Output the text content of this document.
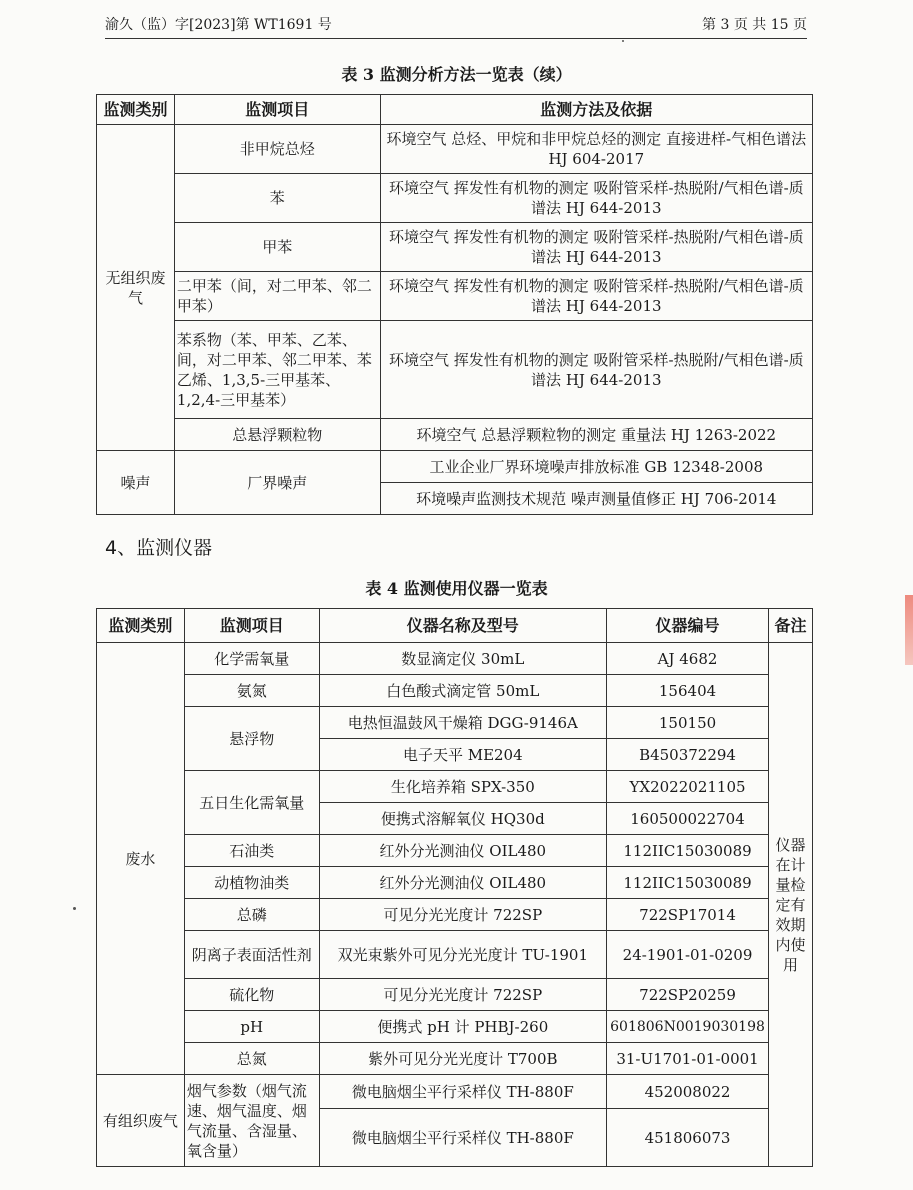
渝久（监）字[2023]第 WT1691 号	第 3 页 共 15 页
表 3 监测分析方法一览表（续）
监测类别	监测项目	监测方法及依据
无组织废气	非甲烷总烃	环境空气 总烃、甲烷和非甲烷总烃的测定 直接进样-气相色谱法 HJ 604-2017
	苯	环境空气 挥发性有机物的测定 吸附管采样-热脱附/气相色谱-质谱法 HJ 644-2013
	甲苯	环境空气 挥发性有机物的测定 吸附管采样-热脱附/气相色谱-质谱法 HJ 644-2013
	二甲苯（间，对二甲苯、邻二甲苯）	环境空气 挥发性有机物的测定 吸附管采样-热脱附/气相色谱-质谱法 HJ 644-2013
	苯系物（苯、甲苯、乙苯、间，对二甲苯、邻二甲苯、苯乙烯、1,3,5-三甲基苯、1,2,4-三甲基苯）	环境空气 挥发性有机物的测定 吸附管采样-热脱附/气相色谱-质谱法 HJ 644-2013
	总悬浮颗粒物	环境空气 总悬浮颗粒物的测定 重量法 HJ 1263-2022
噪声	厂界噪声	工业企业厂界环境噪声排放标准 GB 12348-2008
		环境噪声监测技术规范 噪声测量值修正 HJ 706-2014
4、监测仪器
表 4 监测使用仪器一览表
监测类别	监测项目	仪器名称及型号	仪器编号	备注
废水	化学需氧量	数显滴定仪 30mL	AJ 4682	仪器在计量检定有效期内使用
	氨氮	白色酸式滴定管 50mL	156404	
	悬浮物	电热恒温鼓风干燥箱 DGG-9146A	150150	
		电子天平 ME204	B450372294	
	五日生化需氧量	生化培养箱 SPX-350	YX2022021105	
		便携式溶解氧仪 HQ30d	160500022704	
	石油类	红外分光测油仪 OIL480	112IIC15030089	
	动植物油类	红外分光测油仪 OIL480	112IIC15030089	
	总磷	可见分光光度计 722SP	722SP17014	
	阴离子表面活性剂	双光束紫外可见分光光度计 TU-1901	24-1901-01-0209	
	硫化物	可见分光光度计 722SP	722SP20259	
	pH	便携式 pH 计 PHBJ-260	601806N0019030198	
	总氮	紫外可见分光光度计 T700B	31-U1701-01-0001	
有组织废气	烟气参数（烟气流速、烟气温度、烟气流量、含湿量、氧含量）	微电脑烟尘平行采样仪 TH-880F	452008022	
		微电脑烟尘平行采样仪 TH-880F	451806073	
